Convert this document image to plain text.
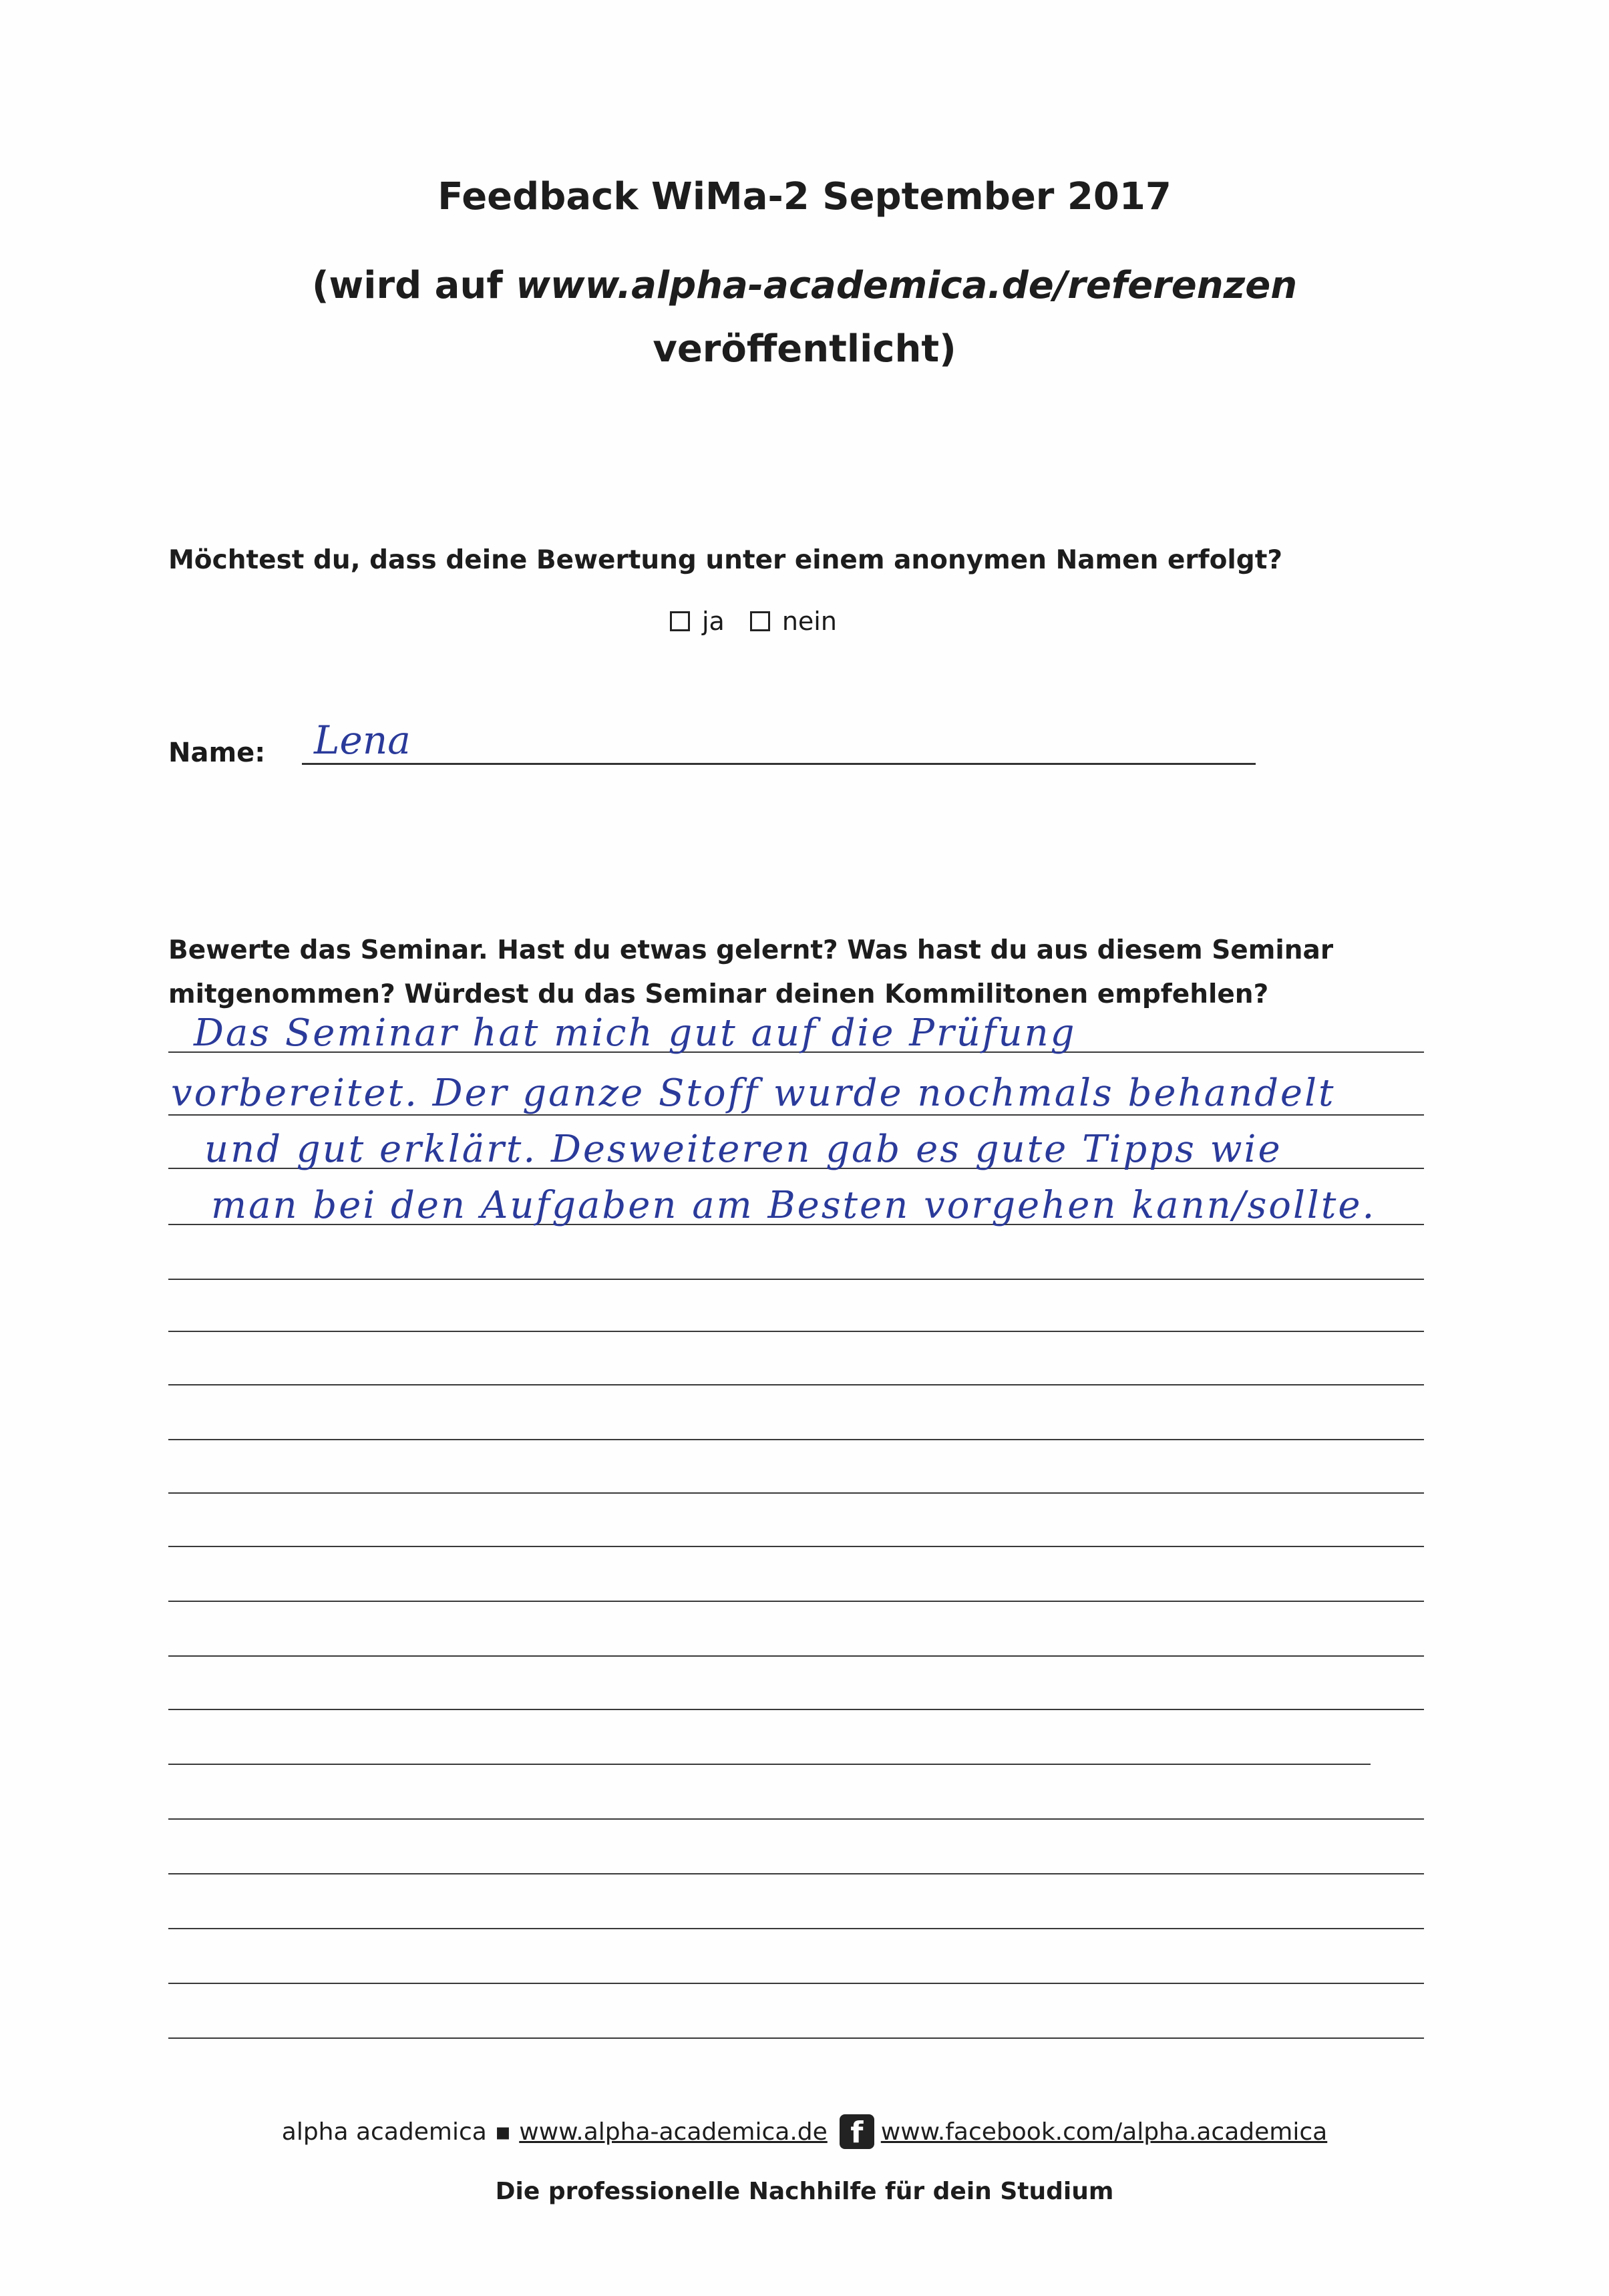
Feedback WiMa-2 September 2017
(wird auf www.alpha-academica.de/referenzen
veröffentlicht)
Möchtest du, dass deine Bewertung unter einem anonymen Namen erfolgt?
ja nein
Name: Lena
Bewerte das Seminar. Hast du etwas gelernt? Was hast du aus diesem Seminar
mitgenommen? Würdest du das Seminar deinen Kommilitonen empfehlen?
Das Seminar hat mich gut auf die Prüfung
vorbereitet. Der ganze Stoff wurde nochmals behandelt
und gut erklärt. Desweiteren gab es gute Tipps wie
man bei den Aufgaben am Besten vorgehen kann/sollte.
alpha academica ▪ www.alpha-academica.de f www.facebook.com/alpha.academica
Die professionelle Nachhilfe für dein Studium
